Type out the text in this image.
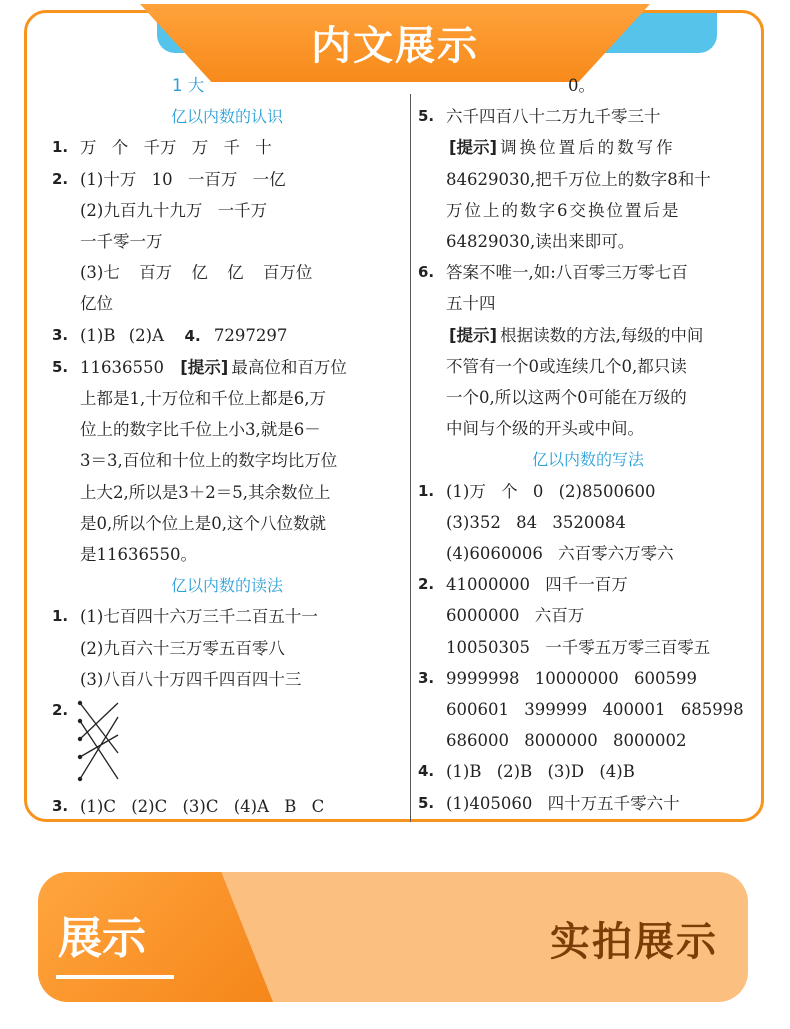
内文展示
1 大
亿以内数的认识
1. 万 个 千万 万 千 十
2. (1)十万 10 一百万 一亿
(2)九百九十九万 一千万
一千零一万
(3)七 百万 亿 亿 百万位
亿位
3. (1)B (2)A 4. 7297297
5. 11636550 [提示] 最高位和百万位
上都是1,十万位和千位上都是6,万
位上的数字比千位上小3,就是6－
3＝3,百位和十位上的数字均比万位
上大2,所以是3＋2＝5,其余数位上
是0,所以个位上是0,这个八位数就
是11636550。
亿以内数的读法
1. (1)七百四十六万三千二百五十一
(2)九百六十三万零五百零八
(3)八百八十万四千四百四十三
2.
3. (1)C (2)C (3)C (4)A B C
0。
5. 六千四百八十二万九千零三十
[提示] 调换位置后的数写作
84629030,把千万位上的数字8和十
万位上的数字6交换位置后是
64829030,读出来即可。
6. 答案不唯一,如:八百零三万零七百
五十四
[提示] 根据读数的方法,每级的中间
不管有一个0或连续几个0,都只读
一个0,所以这两个0可能在万级的
中间与个级的开头或中间。
亿以内数的写法
1. (1)万 个 0 (2)8500600
(3)352 84 3520084
(4)6060006 六百零六万零六
2. 41000000 四千一百万
6000000 六百万
10050305 一千零五万零三百零五
3. 9999998 10000000 600599
600601 399999 400001 685998
686000 8000000 8000002
4. (1)B (2)B (3)D (4)B
5. (1)405060 四十万五千零六十
展示	实拍展示
